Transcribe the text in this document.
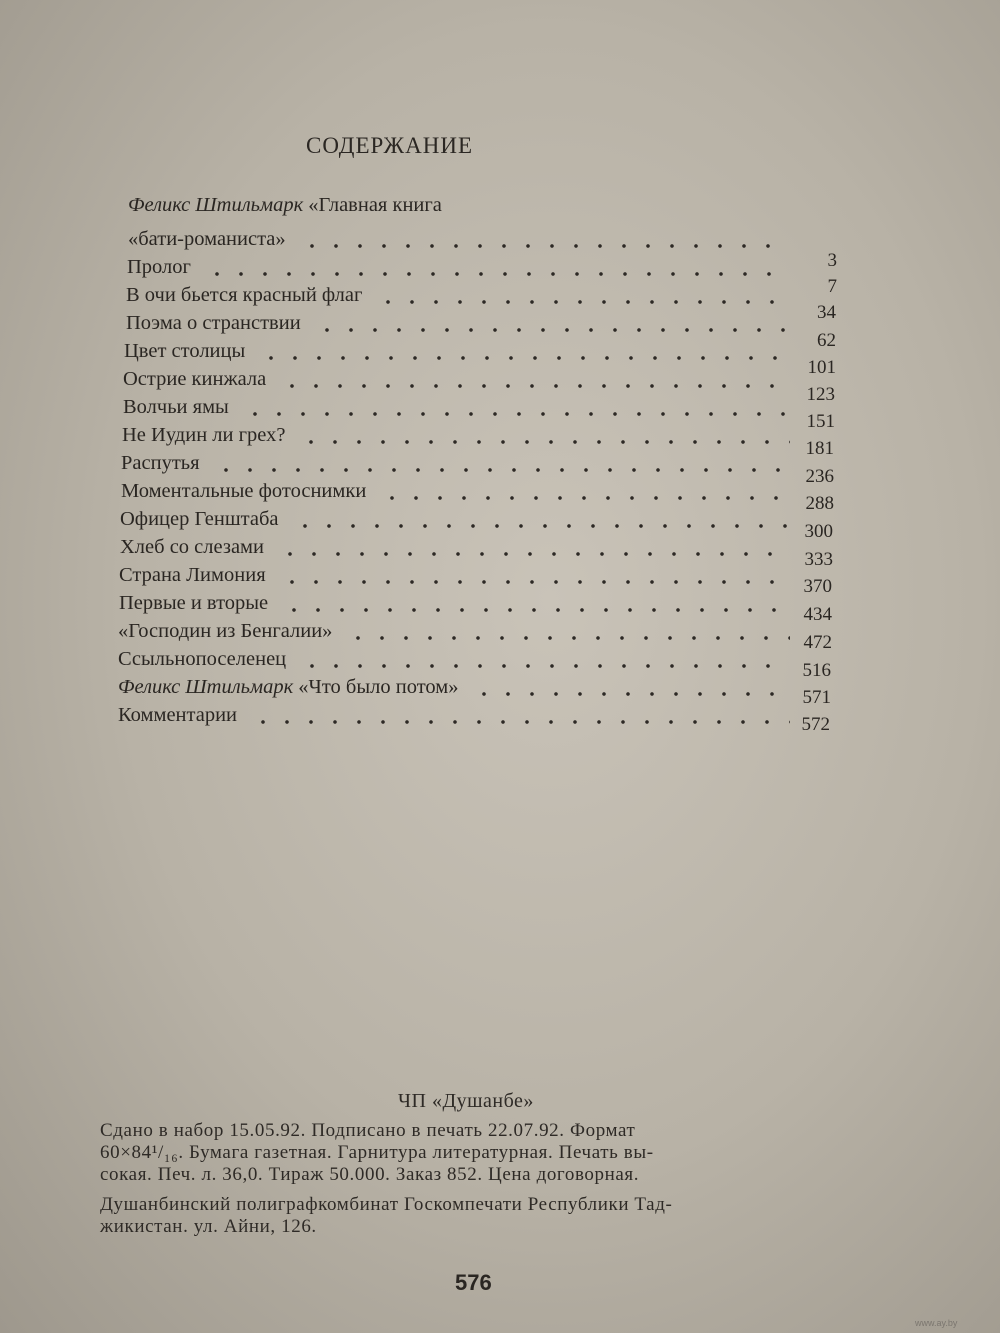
СОДЕРЖАНИЕ
Феликс Штильмарк «Главная книга
«бати-романиста»
Пролог
В очи бьется красный флаг
Поэма о странствии
Цвет столицы
Острие кинжала
Волчьи ямы
Не Иудин ли грех?
Распутья
Моментальные фотоснимки
Офицер Генштаба
Хлеб со слезами
Страна Лимония
Первые и вторые
«Господин из Бенгалии»
Ссыльнопоселенец
Феликс Штильмарк «Что было потом»
Комментарии
3
7
34
62
101
123
151
181
236
288
300
333
370
434
472
516
571
572
ЧП «Душанбе»
Сдано в набор 15.05.92. Подписано в печать 22.07.92. Формат
60×84¹/₁₆. Бумага газетная. Гарнитура литературная. Печать вы-
сокая. Печ. л. 36,0. Тираж 50.000. Заказ 852. Цена договорная.
Душанбинский полиграфкомбинат Госкомпечати Республики Тад-
жикистан. ул. Айни, 126.
576
www.ay.by
